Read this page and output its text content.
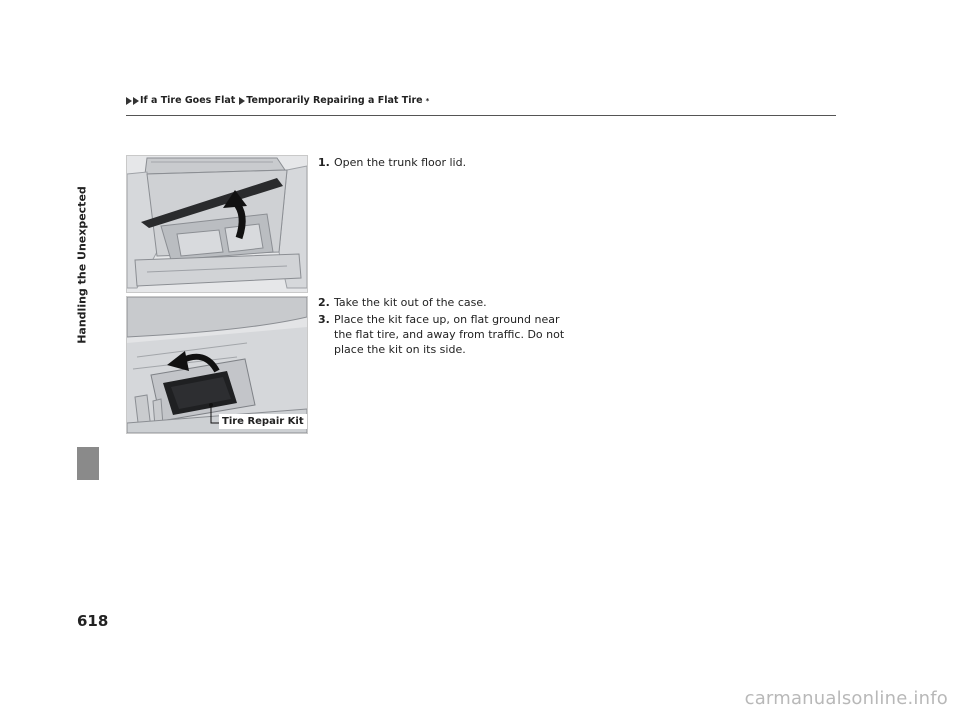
If a Tire Goes Flat Temporarily Repairing a Flat Tire *
Handling the Unexpected
618
Tire Repair Kit

1. Open the trunk floor lid.

2. Take the kit out of the case.

3. Place the kit face up, on flat ground near the flat tire, and away from traffic. Do not place the kit on its side.

carmanualsonline.info
